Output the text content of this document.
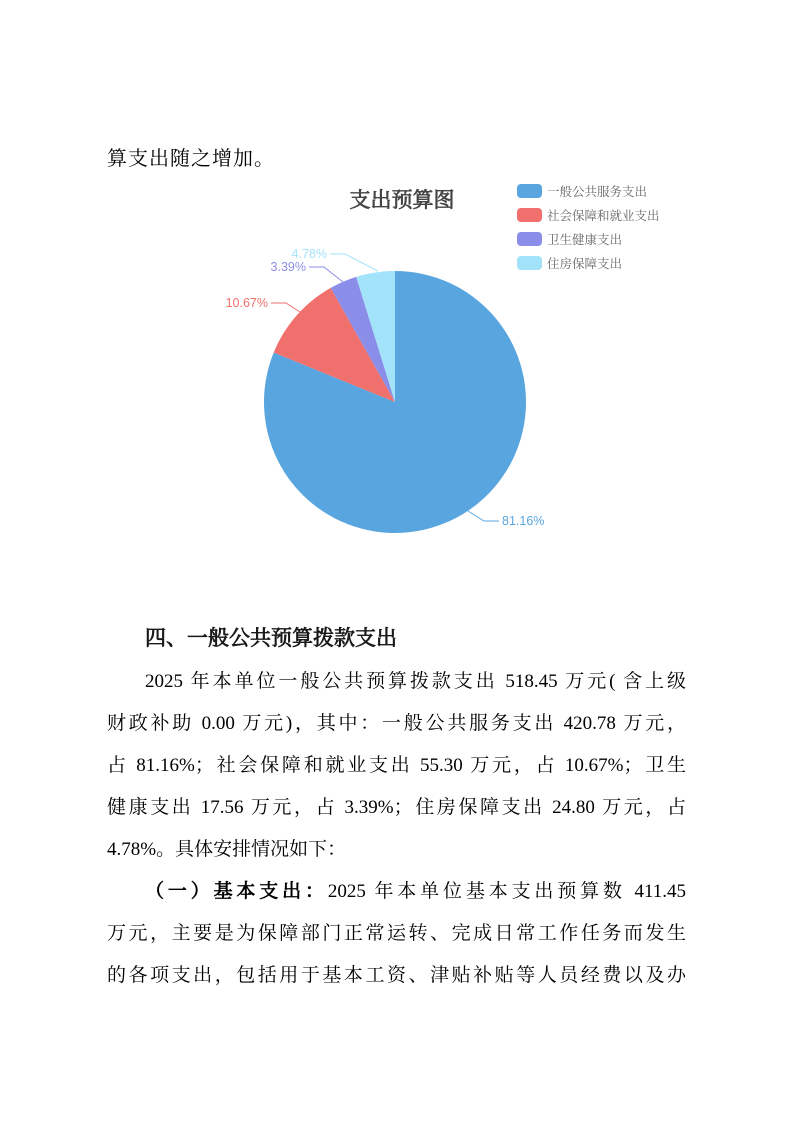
算支出随之增加。
支出预算图
81.16%
10.67%
3.39%
4.78%
一般公共服务支出
社会保障和就业支出
卫生健康支出
住房保障支出
四、一般公共预算拨款支出
2025 年本单位一般公共预算拨款支出 518.45 万元( 含上级
财政补助 0.00 万元)，其中：一般公共服务支出 420.78 万元，
占 81.16%；社会保障和就业支出 55.30 万元，占 10.67%；卫生
健康支出 17.56 万元，占 3.39%；住房保障支出 24.80 万元，占
4.78%。具体安排情况如下：
（一）基本支出：2025 年本单位基本支出预算数 411.45
万元，主要是为保障部门正常运转、完成日常工作任务而发生
的各项支出，包括用于基本工资、津贴补贴等人员经费以及办
